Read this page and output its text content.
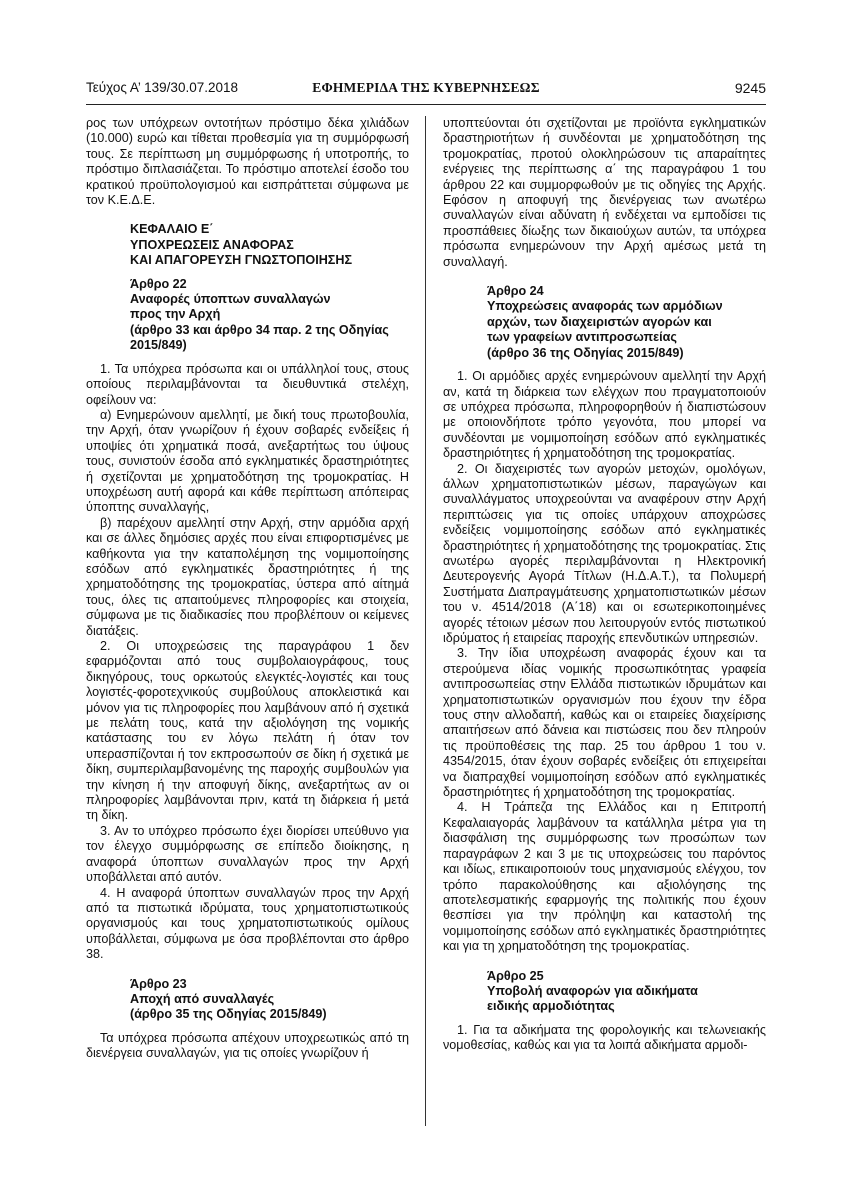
Τεύχος Α’ 139/30.07.2018	ΕΦΗΜΕΡΙΔΑ ΤΗΣ ΚΥΒΕΡΝΗΣΕΩΣ	9245

ρος των υπόχρεων οντοτήτων πρόστιμο δέκα χιλιάδων (10.000) ευρώ και τίθεται προθεσμία για τη συμμόρφωσή τους. Σε περίπτωση μη συμμόρφωσης ή υποτροπής, το πρόστιμο διπλασιάζεται. Το πρόστιμο αποτελεί έσοδο του κρατικού προϋπολογισμού και εισπράττεται σύμφωνα με τον Κ.Ε.Δ.Ε.

ΚΕΦΑΛΑΙΟ Ε΄
ΥΠΟΧΡΕΩΣΕΙΣ ΑΝΑΦΟΡΑΣ
ΚΑΙ ΑΠΑΓΟΡΕΥΣΗ ΓΝΩΣΤΟΠΟΙΗΣΗΣ
Άρθρο 22
Αναφορές ύποπτων συναλλαγών
προς την Αρχή
(άρθρο 33 και άρθρο 34 παρ. 2 της Οδηγίας
2015/849)

1. Τα υπόχρεα πρόσωπα και οι υπάλληλοί τους, στους οποίους περιλαμβάνονται τα διευθυντικά στελέχη, οφείλουν να:

α) Ενημερώνουν αμελλητί, με δική τους πρωτοβουλία, την Αρχή, όταν γνωρίζουν ή έχουν σοβαρές ενδείξεις ή υποψίες ότι χρηματικά ποσά, ανεξαρτήτως του ύψους τους, συνιστούν έσοδα από εγκληματικές δραστηριότητες ή σχετίζονται με χρηματοδότηση της τρομοκρατίας. Η υποχρέωση αυτή αφορά και κάθε περίπτωση απόπειρας ύποπτης συναλλαγής,

β) παρέχουν αμελλητί στην Αρχή, στην αρμόδια αρχή και σε άλλες δημόσιες αρχές που είναι επιφορτισμένες με καθήκοντα για την καταπολέμηση της νομιμοποίησης εσόδων από εγκληματικές δραστηριότητες ή της χρηματοδότησης της τρομοκρατίας, ύστερα από αίτημά τους, όλες τις απαιτούμενες πληροφορίες και στοιχεία, σύμφωνα με τις διαδικασίες που προβλέπουν οι κείμενες διατάξεις.

2. Οι υποχρεώσεις της παραγράφου 1 δεν εφαρμόζονται από τους συμβολαιογράφους, τους δικηγόρους, τους ορκωτούς ελεγκτές-λογιστές και τους λογιστές-φοροτεχνικούς συμβούλους αποκλειστικά και μόνον για τις πληροφορίες που λαμβάνουν από ή σχετικά με πελάτη τους, κατά την αξιολόγηση της νομικής κατάστασης του εν λόγω πελάτη ή όταν τον υπερασπίζονται ή τον εκπροσωπούν σε δίκη ή σχετικά με δίκη, συμπεριλαμβανομένης της παροχής συμβουλών για την κίνηση ή την αποφυγή δίκης, ανεξαρτήτως αν οι πληροφορίες λαμβάνονται πριν, κατά τη διάρκεια ή μετά τη δίκη.

3. Αν το υπόχρεο πρόσωπο έχει διορίσει υπεύθυνο για τον έλεγχο συμμόρφωσης σε επίπεδο διοίκησης, η αναφορά ύποπτων συναλλαγών προς την Αρχή υποβάλλεται από αυτόν.

4. Η αναφορά ύποπτων συναλλαγών προς την Αρχή από τα πιστωτικά ιδρύματα, τους χρηματοπιστωτικούς οργανισμούς και τους χρηματοπιστωτικούς ομίλους υποβάλλεται, σύμφωνα με όσα προβλέπονται στο άρθρο 38.

Άρθρο 23
Αποχή από συναλλαγές
(άρθρο 35 της Οδηγίας 2015/849)

Τα υπόχρεα πρόσωπα απέχουν υποχρεωτικώς από τη διενέργεια συναλλαγών, για τις οποίες γνωρίζουν ή

υποπτεύονται ότι σχετίζονται με προϊόντα εγκληματικών δραστηριοτήτων ή συνδέονται με χρηματοδότηση της τρομοκρατίας, προτού ολοκληρώσουν τις απαραίτητες ενέργειες της περίπτωσης α΄ της παραγράφου 1 του άρθρου 22 και συμμορφωθούν με τις οδηγίες της Αρχής. Εφόσον η αποφυγή της διενέργειας των ανωτέρω συναλλαγών είναι αδύνατη ή ενδέχεται να εμποδίσει τις προσπάθειες δίωξης των δικαιούχων αυτών, τα υπόχρεα πρόσωπα ενημερώνουν την Αρχή αμέσως μετά τη συναλλαγή.

Άρθρο 24
Υποχρεώσεις αναφοράς των αρμόδιων
αρχών, των διαχειριστών αγορών και
των γραφείων αντιπροσωπείας
(άρθρο 36 της Οδηγίας 2015/849)

1. Οι αρμόδιες αρχές ενημερώνουν αμελλητί την Αρχή αν, κατά τη διάρκεια των ελέγχων που πραγματοποιούν σε υπόχρεα πρόσωπα, πληροφορηθούν ή διαπιστώσουν με οποιονδήποτε τρόπο γεγονότα, που μπορεί να συνδέονται με νομιμοποίηση εσόδων από εγκληματικές δραστηριότητες ή χρηματοδότηση της τρομοκρατίας.

2. Οι διαχειριστές των αγορών μετοχών, ομολόγων, άλλων χρηματοπιστωτικών μέσων, παραγώγων και συναλλάγματος υποχρεούνται να αναφέρουν στην Αρχή περιπτώσεις για τις οποίες υπάρχουν αποχρώσες ενδείξεις νομιμοποίησης εσόδων από εγκληματικές δραστηριότητες ή χρηματοδότησης της τρομοκρατίας. Στις ανωτέρω αγορές περιλαμβάνονται η Ηλεκτρονική Δευτερογενής Αγορά Τίτλων (Η.Δ.Α.Τ.), τα Πολυμερή Συστήματα Διαπραγμάτευσης χρηματοπιστωτικών μέσων του ν. 4514/2018 (Α΄18) και οι εσωτερικοποιημένες αγορές τέτοιων μέσων που λειτουργούν εντός πιστωτικού ιδρύματος ή εταιρείας παροχής επενδυτικών υπηρεσιών.

3. Την ίδια υποχρέωση αναφοράς έχουν και τα στερούμενα ιδίας νομικής προσωπικότητας γραφεία αντιπροσωπείας στην Ελλάδα πιστωτικών ιδρυμάτων και χρηματοπιστωτικών οργανισμών που έχουν την έδρα τους στην αλλοδαπή, καθώς και οι εταιρείες διαχείρισης απαιτήσεων από δάνεια και πιστώσεις που δεν πληρούν τις προϋποθέσεις της παρ. 25 του άρθρου 1 του ν. 4354/2015, όταν έχουν σοβαρές ενδείξεις ότι επιχειρείται να διαπραχθεί νομιμοποίηση εσόδων από εγκληματικές δραστηριότητες ή χρηματοδότηση της τρομοκρατίας.

4. Η Τράπεζα της Ελλάδος και η Επιτροπή Κεφαλαιαγοράς λαμβάνουν τα κατάλληλα μέτρα για τη διασφάλιση της συμμόρφωσης των προσώπων των παραγράφων 2 και 3 με τις υποχρεώσεις του παρόντος και ιδίως, επικαιροποιούν τους μηχανισμούς ελέγχου, τον τρόπο παρακολούθησης και αξιολόγησης της αποτελεσματικής εφαρμογής της πολιτικής που έχουν θεσπίσει για την πρόληψη και καταστολή της νομιμοποίησης εσόδων από εγκληματικές δραστηριότητες και για τη χρηματοδότηση της τρομοκρατίας.

Άρθρο 25
Υποβολή αναφορών για αδικήματα
ειδικής αρμοδιότητας

1. Για τα αδικήματα της φορολογικής και τελωνειακής νομοθεσίας, καθώς και για τα λοιπά αδικήματα αρμοδι-
